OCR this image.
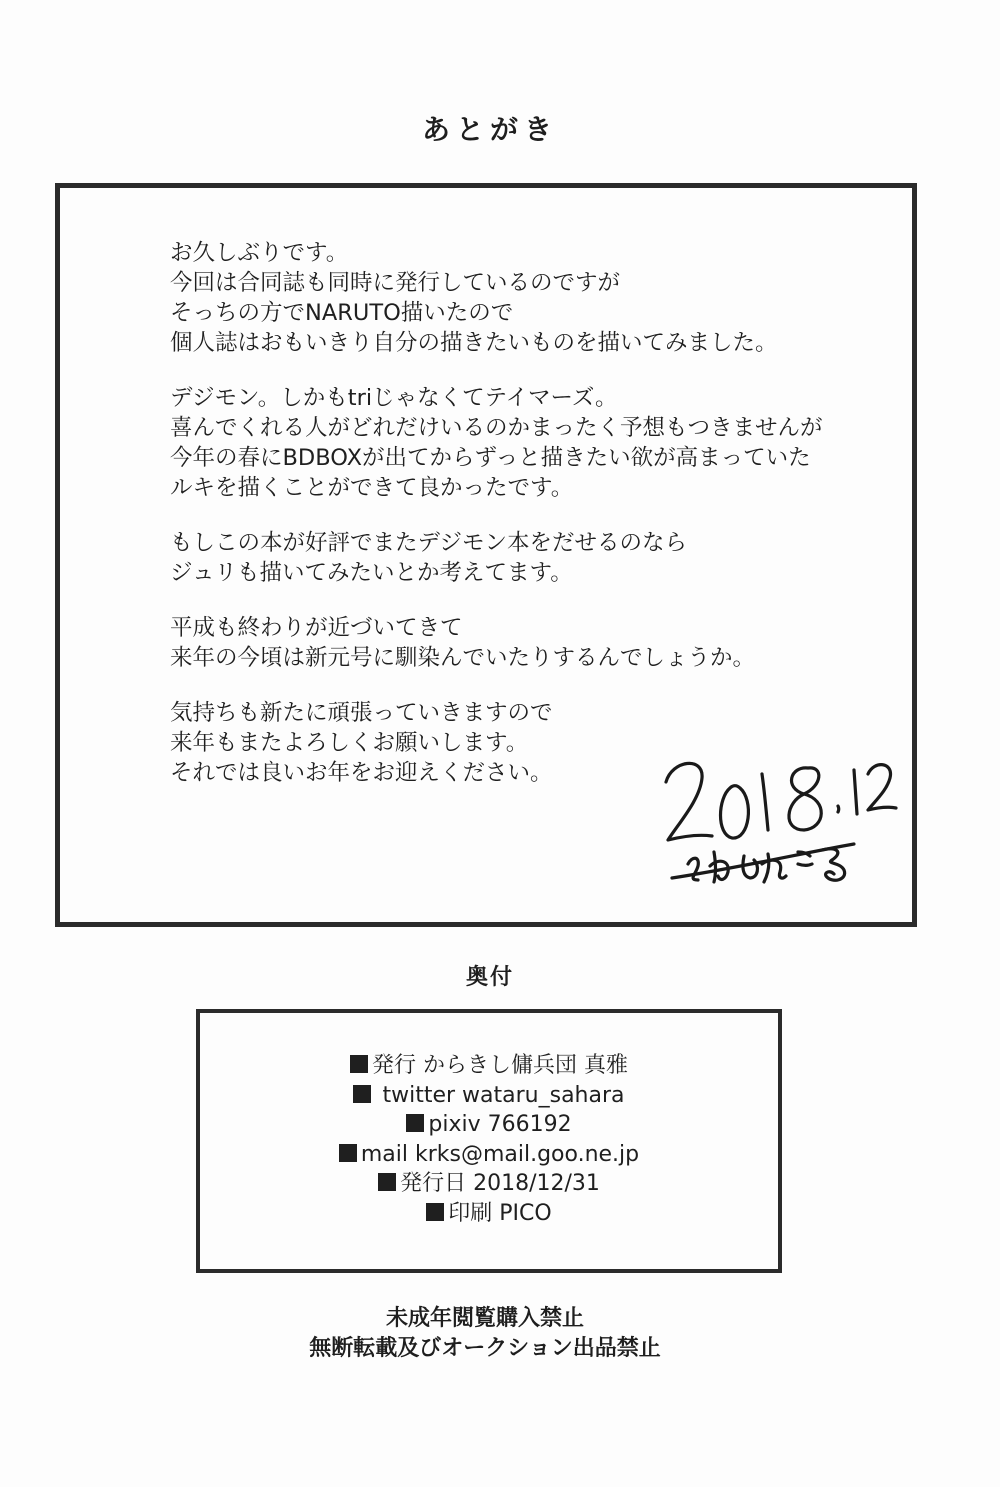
あとがき

お久しぶりです。
今回は合同誌も同時に発行しているのですが
そっちの方でNARUTO描いたので
個人誌はおもいきり自分の描きたいものを描いてみました。

デジモン。しかもtriじゃなくてテイマーズ。
喜んでくれる人がどれだけいるのかまったく予想もつきませんが
今年の春にBDBOXが出てからずっと描きたい欲が高まっていた
ルキを描くことができて良かったです。

もしこの本が好評でまたデジモン本をだせるのなら
ジュリも描いてみたいとか考えてます。

平成も終わりが近づいてきて
来年の今頃は新元号に馴染んでいたりするんでしょうか。

気持ちも新たに頑張っていきますので
来年もまたよろしくお願いします。
それでは良いお年をお迎えください。

奥付
発行 からきし傭兵団 真雅
twitter wataru_sahara
pixiv 766192
mail krks@mail.goo.ne.jp
発行日 2018/12/31
印刷 PICO
未成年閲覧購入禁止
無断転載及びオークション出品禁止
